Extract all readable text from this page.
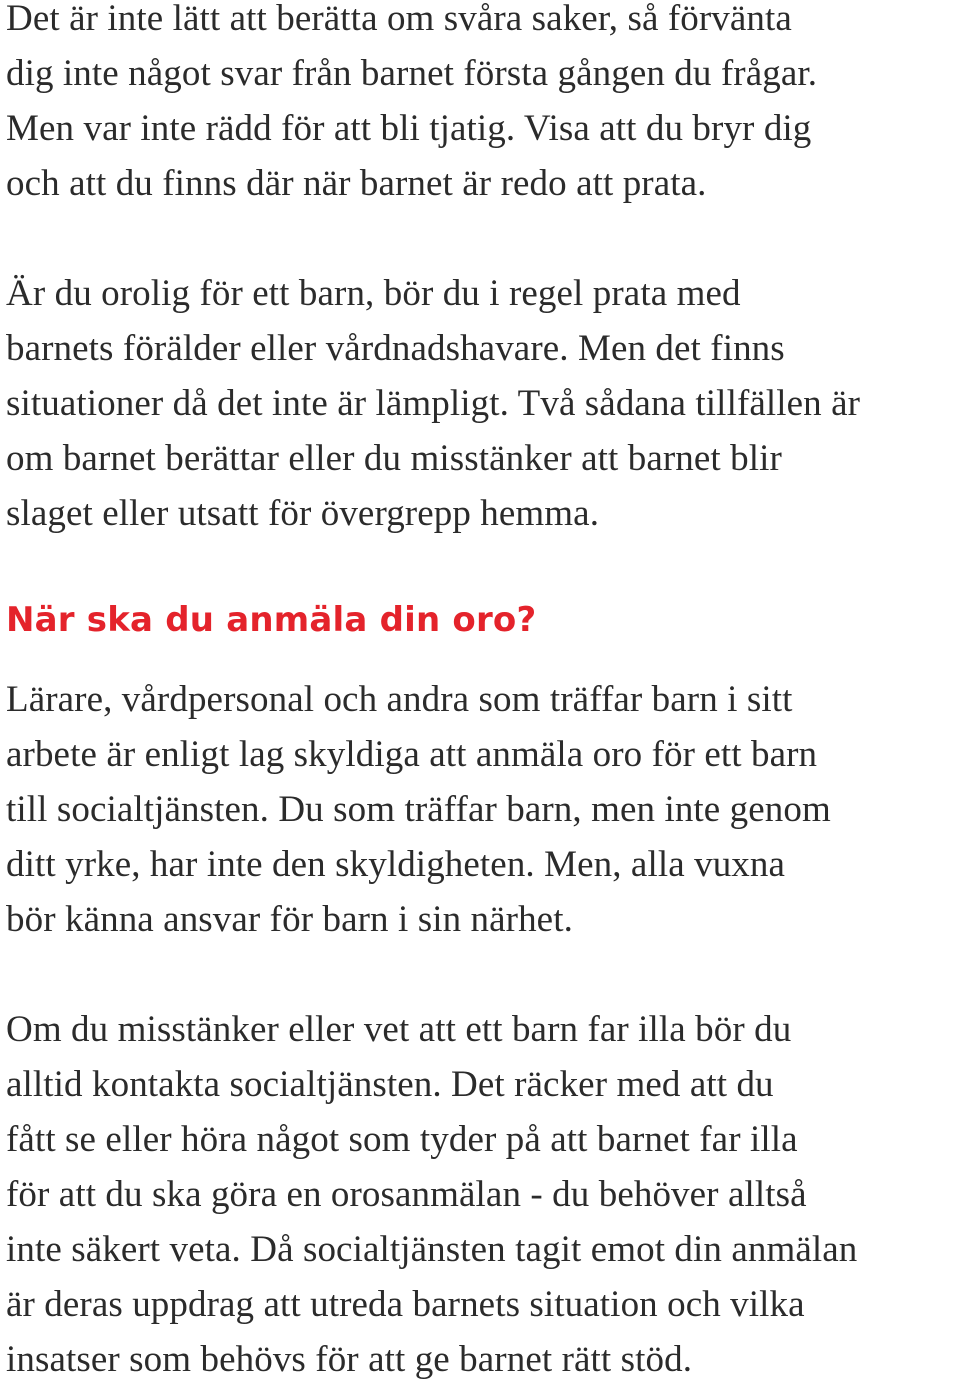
Det är inte lätt att berätta om svåra saker, så förvänta
dig inte något svar från barnet första gången du frågar.
Men var inte rädd för att bli tjatig. Visa att du bryr dig
och att du finns där när barnet är redo att prata.
Är du orolig för ett barn, bör du i regel prata med
barnets förälder eller vårdnadshavare. Men det finns
situationer då det inte är lämpligt. Två sådana tillfällen är
om barnet berättar eller du misstänker att barnet blir
slaget eller utsatt för övergrepp hemma.
När ska du anmäla din oro?
Lärare, vårdpersonal och andra som träffar barn i sitt
arbete är enligt lag skyldiga att anmäla oro för ett barn
till socialtjänsten. Du som träffar barn, men inte genom
ditt yrke, har inte den skyldigheten. Men, alla vuxna
bör känna ansvar för barn i sin närhet.
Om du misstänker eller vet att ett barn far illa bör du
alltid kontakta socialtjänsten. Det räcker med att du
fått se eller höra något som tyder på att barnet far illa
för att du ska göra en orosanmälan - du behöver alltså
inte säkert veta. Då socialtjänsten tagit emot din anmälan
är deras uppdrag att utreda barnets situation och vilka
insatser som behövs för att ge barnet rätt stöd.
